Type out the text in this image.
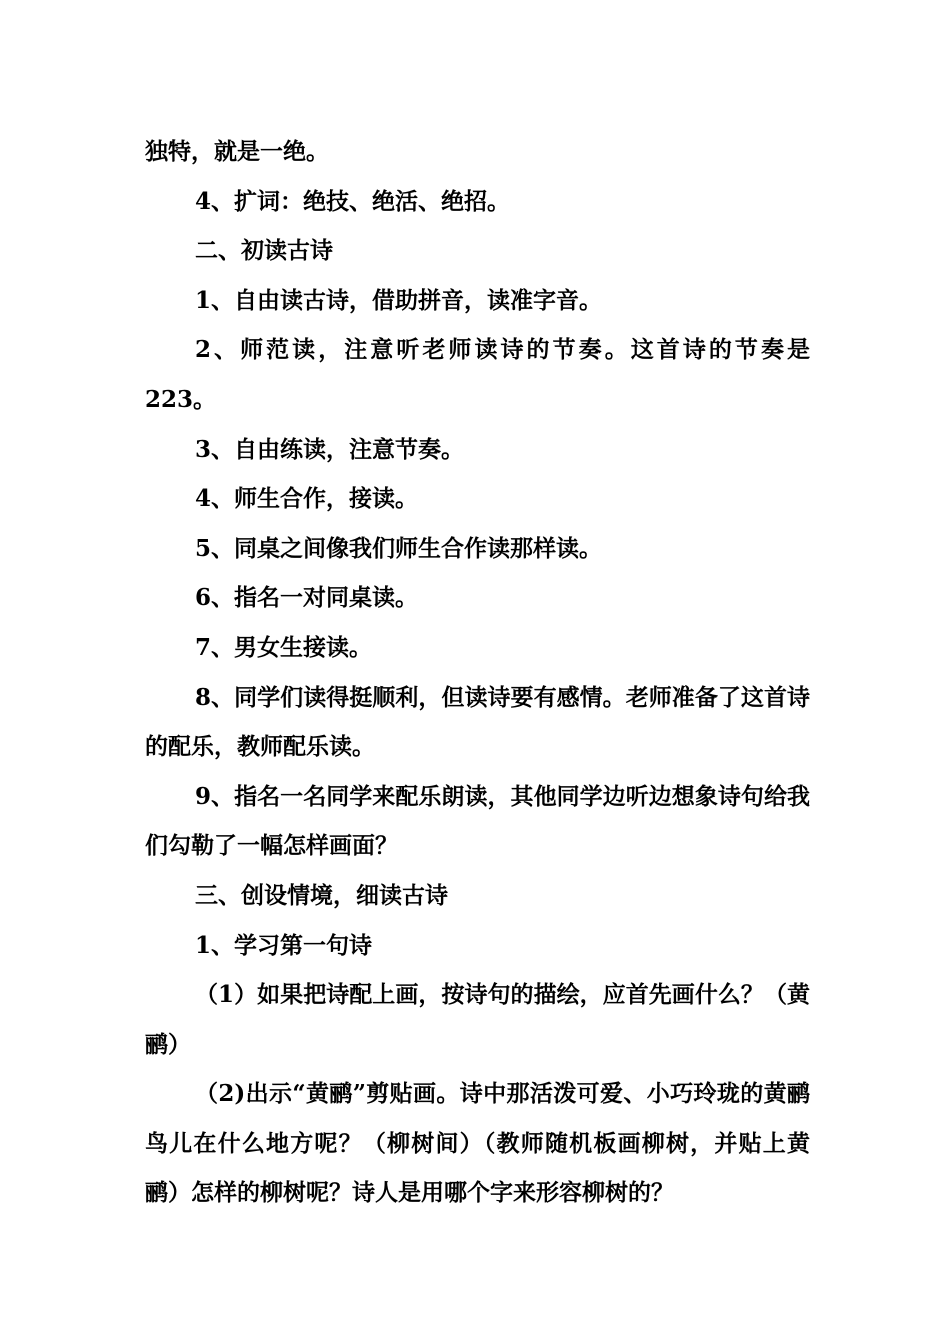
独特，就是一绝。

4、扩词：绝技、绝活、绝招。

二、初读古诗

1、自由读古诗，借助拼音，读准字音。

2、师范读，注意听老师读诗的节奏。这首诗的节奏是223。

3、自由练读，注意节奏。

4、师生合作，接读。

5、同桌之间像我们师生合作读那样读。

6、指名一对同桌读。

7、男女生接读。

8、同学们读得挺顺利，但读诗要有感情。老师准备了这首诗的配乐，教师配乐读。

9、指名一名同学来配乐朗读，其他同学边听边想象诗句给我们勾勒了一幅怎样画面？

三、创设情境，细读古诗

1、学习第一句诗

（1）如果把诗配上画，按诗句的描绘，应首先画什么？（黄鹂）

（2)出示“黄鹂”剪贴画。诗中那活泼可爱、小巧玲珑的黄鹂鸟儿在什么地方呢？（柳树间）（教师随机板画柳树，并贴上黄鹂）怎样的柳树呢？诗人是用哪个字来形容柳树的？
